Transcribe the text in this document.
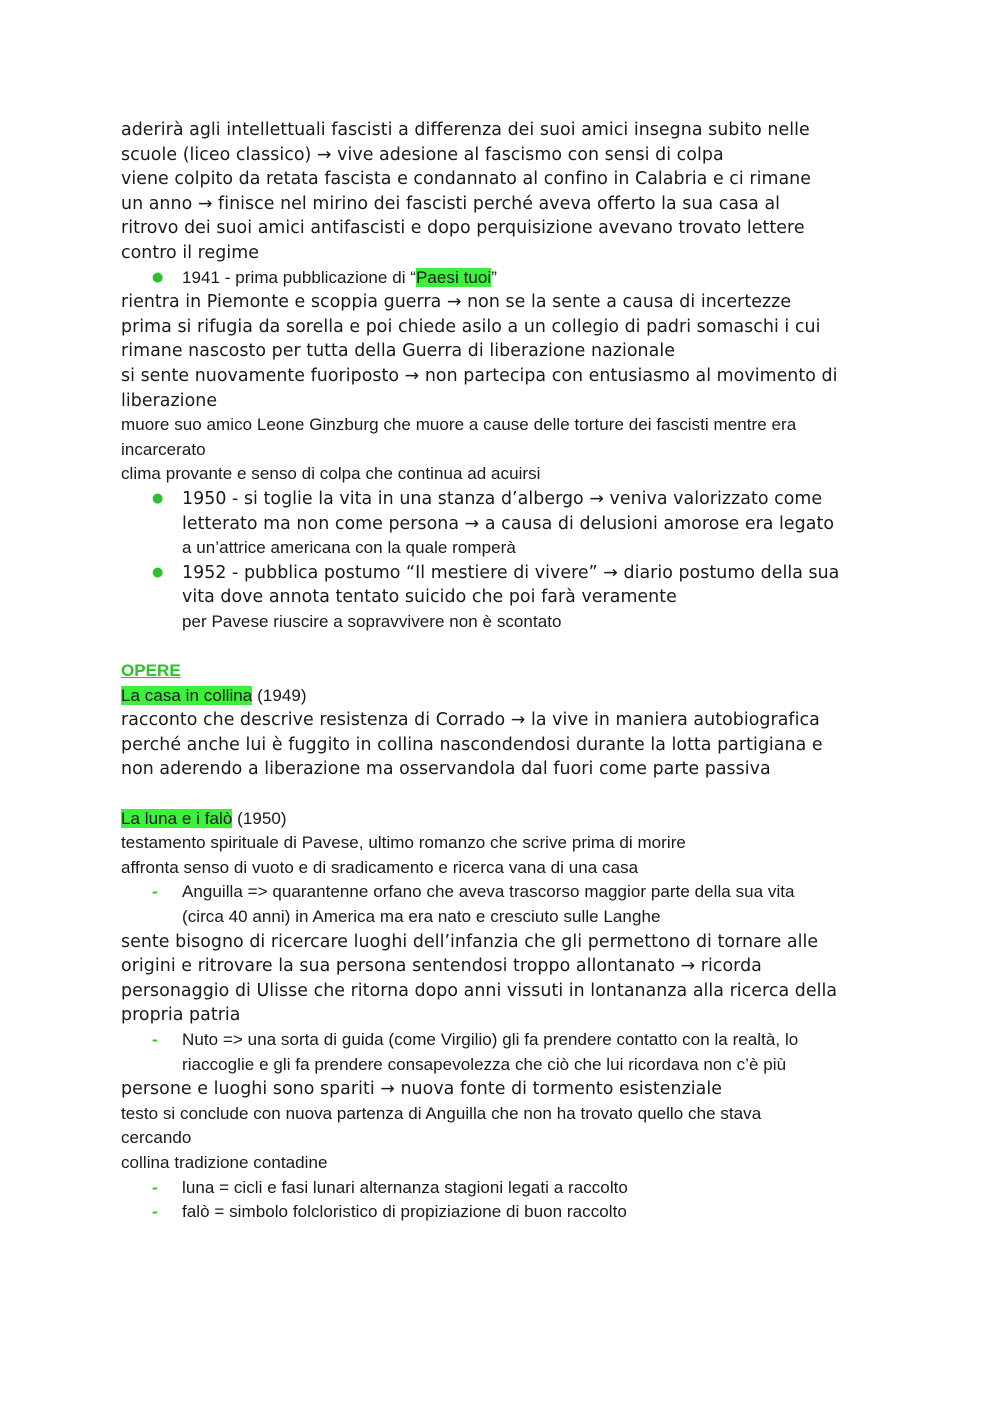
aderirà agli intellettuali fascisti a differenza dei suoi amici insegna subito nelle
scuole (liceo classico) → vive adesione al fascismo con sensi di colpa
viene colpito da retata fascista e condannato al confino in Calabria e ci rimane
un anno → finisce nel mirino dei fascisti perché aveva offerto la sua casa al
ritrovo dei suoi amici antifascisti e dopo perquisizione avevano trovato lettere
contro il regime
● 1941 - prima pubblicazione di “Paesi tuoi”
rientra in Piemonte e scoppia guerra → non se la sente a causa di incertezze
prima si rifugia da sorella e poi chiede asilo a un collegio di padri somaschi i cui
rimane nascosto per tutta della Guerra di liberazione nazionale
si sente nuovamente fuoriposto → non partecipa con entusiasmo al movimento di
liberazione
muore suo amico Leone Ginzburg che muore a cause delle torture dei fascisti mentre era
incarcerato
clima provante e senso di colpa che continua ad acuirsi
● 1950 - si toglie la vita in una stanza d’albergo → veniva valorizzato come
letterato ma non come persona → a causa di delusioni amorose era legato
a un’attrice americana con la quale romperà
● 1952 - pubblica postumo “Il mestiere di vivere” → diario postumo della sua
vita dove annota tentato suicido che poi farà veramente
per Pavese riuscire a sopravvivere non è scontato
OPERE
La casa in collina (1949)
racconto che descrive resistenza di Corrado → la vive in maniera autobiografica
perché anche lui è fuggito in collina nascondendosi durante la lotta partigiana e
non aderendo a liberazione ma osservandola dal fuori come parte passiva
La luna e i falò (1950)
testamento spirituale di Pavese, ultimo romanzo che scrive prima di morire
affronta senso di vuoto e di sradicamento e ricerca vana di una casa
- Anguilla => quarantenne orfano che aveva trascorso maggior parte della sua vita
(circa 40 anni) in America ma era nato e cresciuto sulle Langhe
sente bisogno di ricercare luoghi dell’infanzia che gli permettono di tornare alle
origini e ritrovare la sua persona sentendosi troppo allontanato → ricorda
personaggio di Ulisse che ritorna dopo anni vissuti in lontananza alla ricerca della
propria patria
- Nuto => una sorta di guida (come Virgilio) gli fa prendere contatto con la realtà, lo
riaccoglie e gli fa prendere consapevolezza che ciò che lui ricordava non c’è più
persone e luoghi sono spariti → nuova fonte di tormento esistenziale
testo si conclude con nuova partenza di Anguilla che non ha trovato quello che stava
cercando
collina tradizione contadine
- luna = cicli e fasi lunari alternanza stagioni legati a raccolto
- falò = simbolo folcloristico di propiziazione di buon raccolto
